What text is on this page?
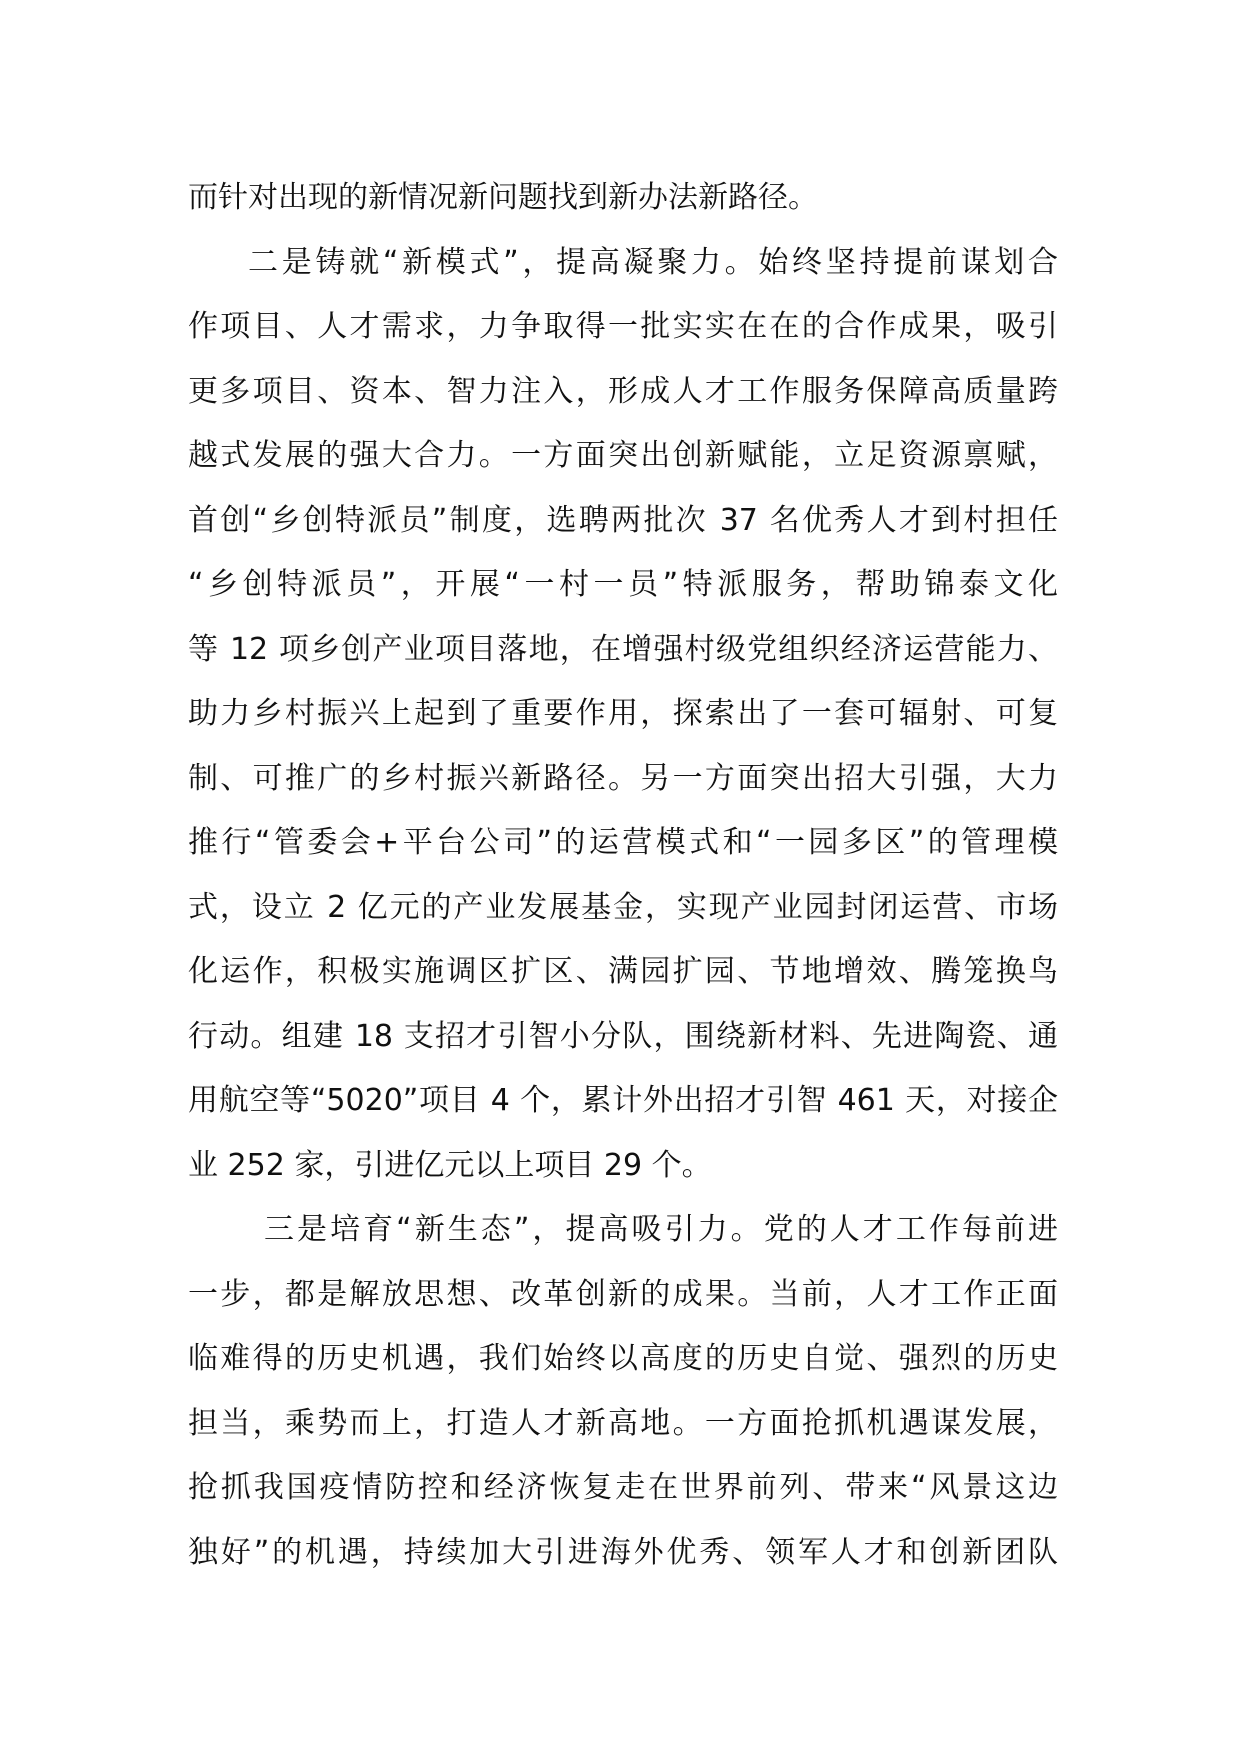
而针对出现的新情况新问题找到新办法新路径。
二是铸就“新模式”，提高凝聚力。始终坚持提前谋划合
作项目、人才需求，力争取得一批实实在在的合作成果，吸引
更多项目、资本、智力注入，形成人才工作服务保障高质量跨
越式发展的强大合力。一方面突出创新赋能，立足资源禀赋，
首创“乡创特派员”制度，选聘两批次 37 名优秀人才到村担任
“乡创特派员”，开展“一村一员”特派服务，帮助锦泰文化
等 12 项乡创产业项目落地，在增强村级党组织经济运营能力、
助力乡村振兴上起到了重要作用，探索出了一套可辐射、可复
制、可推广的乡村振兴新路径。另一方面突出招大引强，大力
推行“管委会+平台公司”的运营模式和“一园多区”的管理模
式，设立 2 亿元的产业发展基金，实现产业园封闭运营、市场
化运作，积极实施调区扩区、满园扩园、节地增效、腾笼换鸟
行动。组建 18 支招才引智小分队，围绕新材料、先进陶瓷、通
用航空等“5020”项目 4 个，累计外出招才引智 461 天，对接企
业 252 家，引进亿元以上项目 29 个。
三是培育“新生态”，提高吸引力。党的人才工作每前进
一步，都是解放思想、改革创新的成果。当前，人才工作正面
临难得的历史机遇，我们始终以高度的历史自觉、强烈的历史
担当，乘势而上，打造人才新高地。一方面抢抓机遇谋发展，
抢抓我国疫情防控和经济恢复走在世界前列、带来“风景这边
独好”的机遇，持续加大引进海外优秀、领军人才和创新团队
